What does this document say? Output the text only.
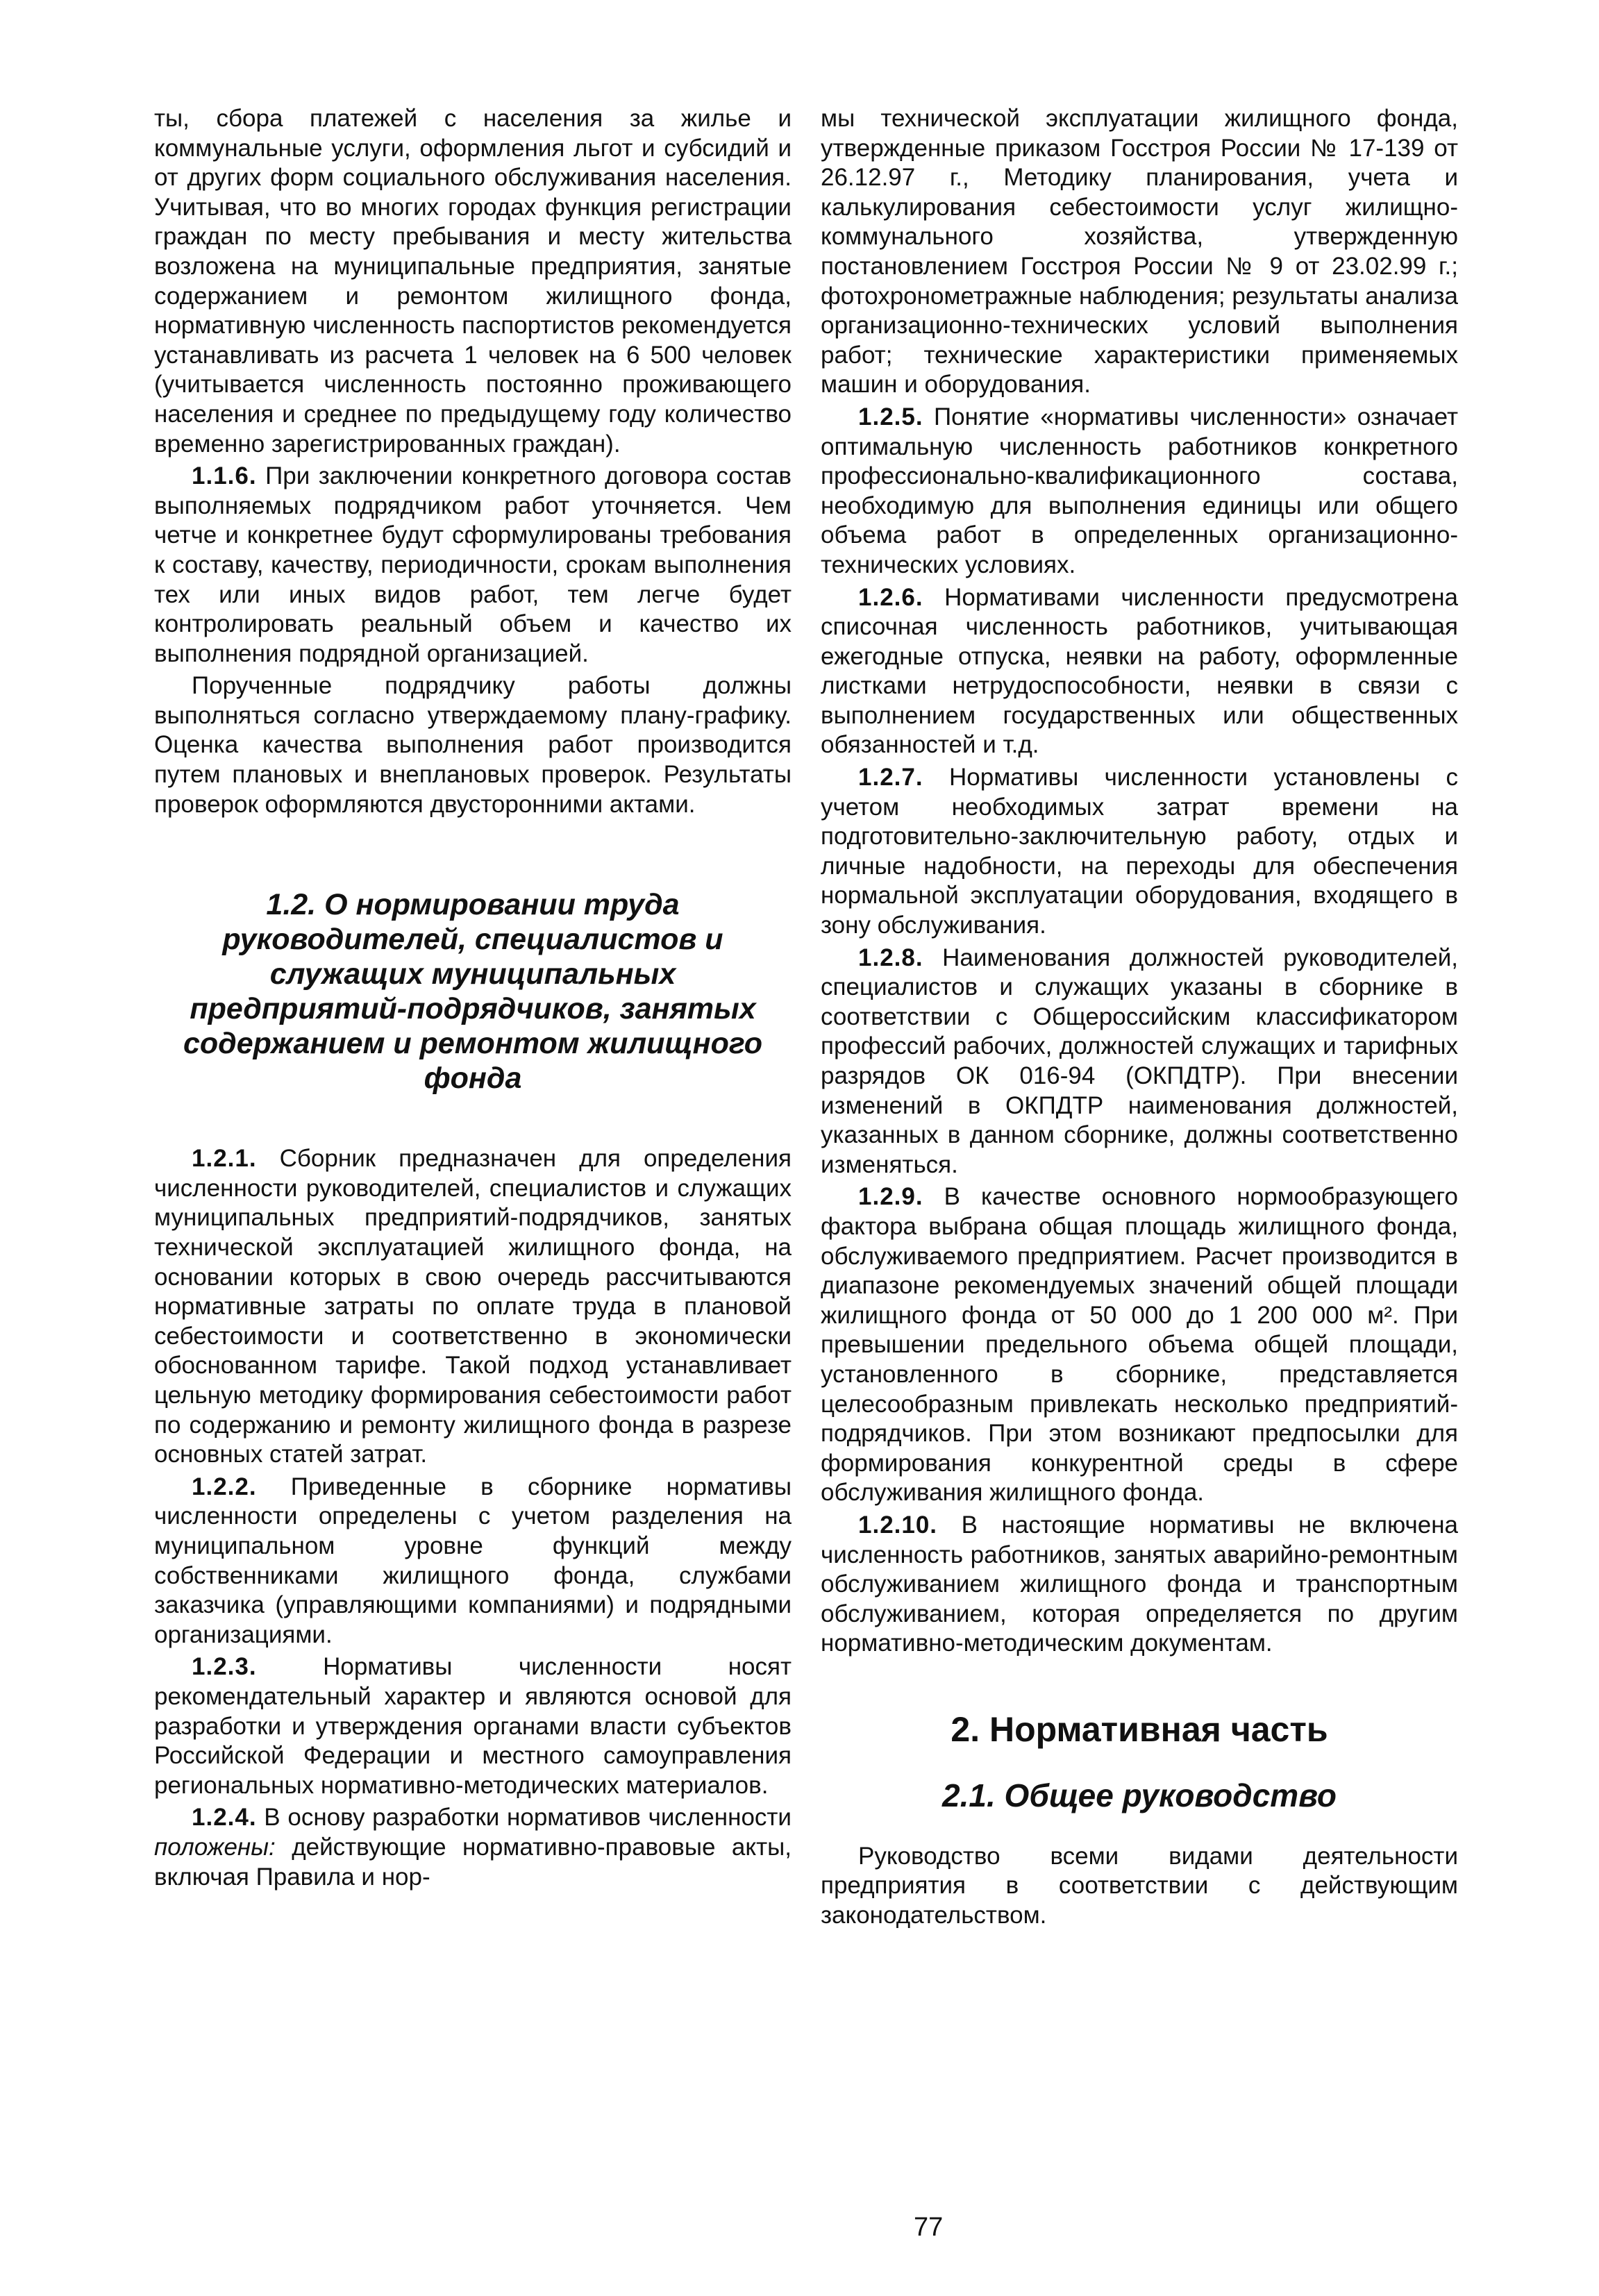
ты, сбора платежей с населения за жилье и коммунальные услуги, оформления льгот и субсидий и от других форм социального обслуживания населения. Учитывая, что во многих городах функция регистрации граждан по месту пребывания и месту жительства возложена на муниципальные предприятия, занятые содержанием и ремонтом жилищного фонда, нормативную численность паспортистов рекомендуется устанавливать из расчета 1 человек на 6 500 человек (учитывается численность постоянно проживающего населения и среднее по предыдущему году количество временно зарегистрированных граждан).

1.1.6. При заключении конкретного договора состав выполняемых подрядчиком работ уточняется. Чем четче и конкретнее будут сформулированы требования к составу, качеству, периодичности, срокам выполнения тех или иных видов работ, тем легче будет контролировать реальный объем и качество их выполнения подрядной организацией.

Порученные подрядчику работы должны выполняться согласно утверждаемому плану-графику. Оценка качества выполнения работ производится путем плановых и внеплановых проверок. Результаты проверок оформляются двусторонними актами.

1.2. О нормировании труда руководителей, специалистов и служащих муниципальных предприятий-подрядчиков, занятых содержанием и ремонтом жилищного фонда

1.2.1. Сборник предназначен для определения численности руководителей, специалистов и служащих муниципальных предприятий-подрядчиков, занятых технической эксплуатацией жилищного фонда, на основании которых в свою очередь рассчитываются нормативные затраты по оплате труда в плановой себестоимости и соответственно в экономически обоснованном тарифе. Такой подход устанавливает цельную методику формирования себестоимости работ по содержанию и ремонту жилищного фонда в разрезе основных статей затрат.

1.2.2. Приведенные в сборнике нормативы численности определены с учетом разделения на муниципальном уровне функций между собственниками жилищного фонда, службами заказчика (управляющими компаниями) и подрядными организациями.

1.2.3.	Нормативы численности носят рекомендательный характер и являются основой для разработки и утверждения органами власти субъектов Российской Федерации и местного самоуправления региональных нормативно-методических материалов.

1.2.4. В основу разработки нормативов численности положены: действующие нормативно-правовые акты, включая Правила и нор-

мы технической эксплуатации жилищного фонда, утвержденные приказом Госстроя России № 17-139 от 26.12.97 г., Методику планирования, учета и калькулирования себестоимости услуг жилищно-коммунального хозяйства, утвержденную постановлением Госстроя России № 9 от 23.02.99 г.; фотохронометражные наблюдения; результаты анализа организационно-технических условий выполнения работ; технические характеристики применяемых машин и оборудования.

1.2.5. Понятие «нормативы численности» означает оптимальную численность работников конкретного профессионально-квалификационного состава, необходимую для выполнения единицы или общего объема работ в определенных организационно-технических условиях.

1.2.6. Нормативами численности предусмотрена списочная численность работников, учитывающая ежегодные отпуска, неявки на работу, оформленные листками нетрудоспособности, неявки в связи с выполнением государственных или общественных обязанностей и т.д.

1.2.7. Нормативы численности установлены с учетом необходимых затрат времени на подготовительно-заключительную работу, отдых и личные надобности, на переходы для обеспечения нормальной эксплуатации оборудования, входящего в зону обслуживания.

1.2.8. Наименования должностей руководителей, специалистов и служащих указаны в сборнике в соответствии с Общероссийским классификатором профессий рабочих, должностей служащих и тарифных разрядов ОК 016-94 (ОКПДТР). При внесении изменений в ОКПДТР наименования должностей, указанных в данном сборнике, должны соответственно изменяться.

1.2.9. В качестве основного нормообразующего фактора выбрана общая площадь жилищного фонда, обслуживаемого предприятием. Расчет производится в диапазоне рекомендуемых значений общей площади жилищного фонда от 50 000 до 1 200 000 м². При превышении предельного объема общей площади, установленного в сборнике, представляется целесообразным привлекать несколько предприятий-подрядчиков. При этом возникают предпосылки для формирования конкурентной среды в сфере обслуживания жилищного фонда.

1.2.10. В настоящие нормативы не включена численность работников, занятых аварийно-ремонтным обслуживанием жилищного фонда и транспортным обслуживанием, которая определяется по другим нормативно-методическим документам.

2. Нормативная часть
2.1. Общее руководство

Руководство всеми видами деятельности предприятия в соответствии с действующим законодательством.

77
